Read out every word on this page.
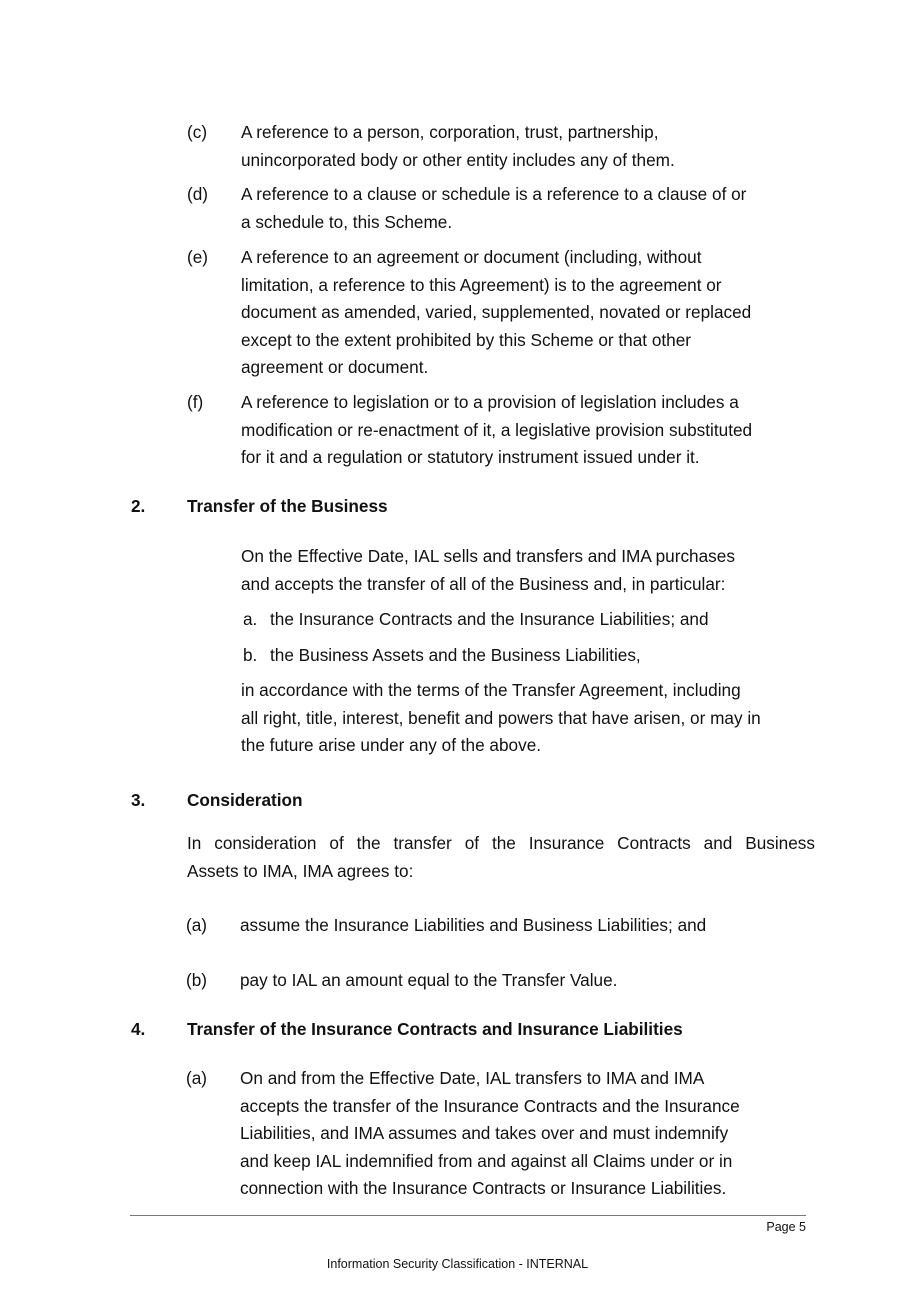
(c) A reference to a person, corporation, trust, partnership,
unincorporated body or other entity includes any of them.
(d) A reference to a clause or schedule is a reference to a clause of or
a schedule to, this Scheme.
(e) A reference to an agreement or document (including, without
limitation, a reference to this Agreement) is to the agreement or
document as amended, varied, supplemented, novated or replaced
except to the extent prohibited by this Scheme or that other
agreement or document.
(f) A reference to legislation or to a provision of legislation includes a
modification or re-enactment of it, a legislative provision substituted
for it and a regulation or statutory instrument issued under it.
2. Transfer of the Business
On the Effective Date, IAL sells and transfers and IMA purchases
and accepts the transfer of all of the Business and, in particular:
a. the Insurance Contracts and the Insurance Liabilities; and
b. the Business Assets and the Business Liabilities,
in accordance with the terms of the Transfer Agreement, including
all right, title, interest, benefit and powers that have arisen, or may in
the future arise under any of the above.
3. Consideration
In consideration of the transfer of the Insurance Contracts and Business
Assets to IMA, IMA agrees to:
(a) assume the Insurance Liabilities and Business Liabilities; and
(b) pay to IAL an amount equal to the Transfer Value.
4. Transfer of the Insurance Contracts and Insurance Liabilities
(a) On and from the Effective Date, IAL transfers to IMA and IMA
accepts the transfer of the Insurance Contracts and the Insurance
Liabilities, and IMA assumes and takes over and must indemnify
and keep IAL indemnified from and against all Claims under or in
connection with the Insurance Contracts or Insurance Liabilities.
Page 5
Information Security Classification - INTERNAL
